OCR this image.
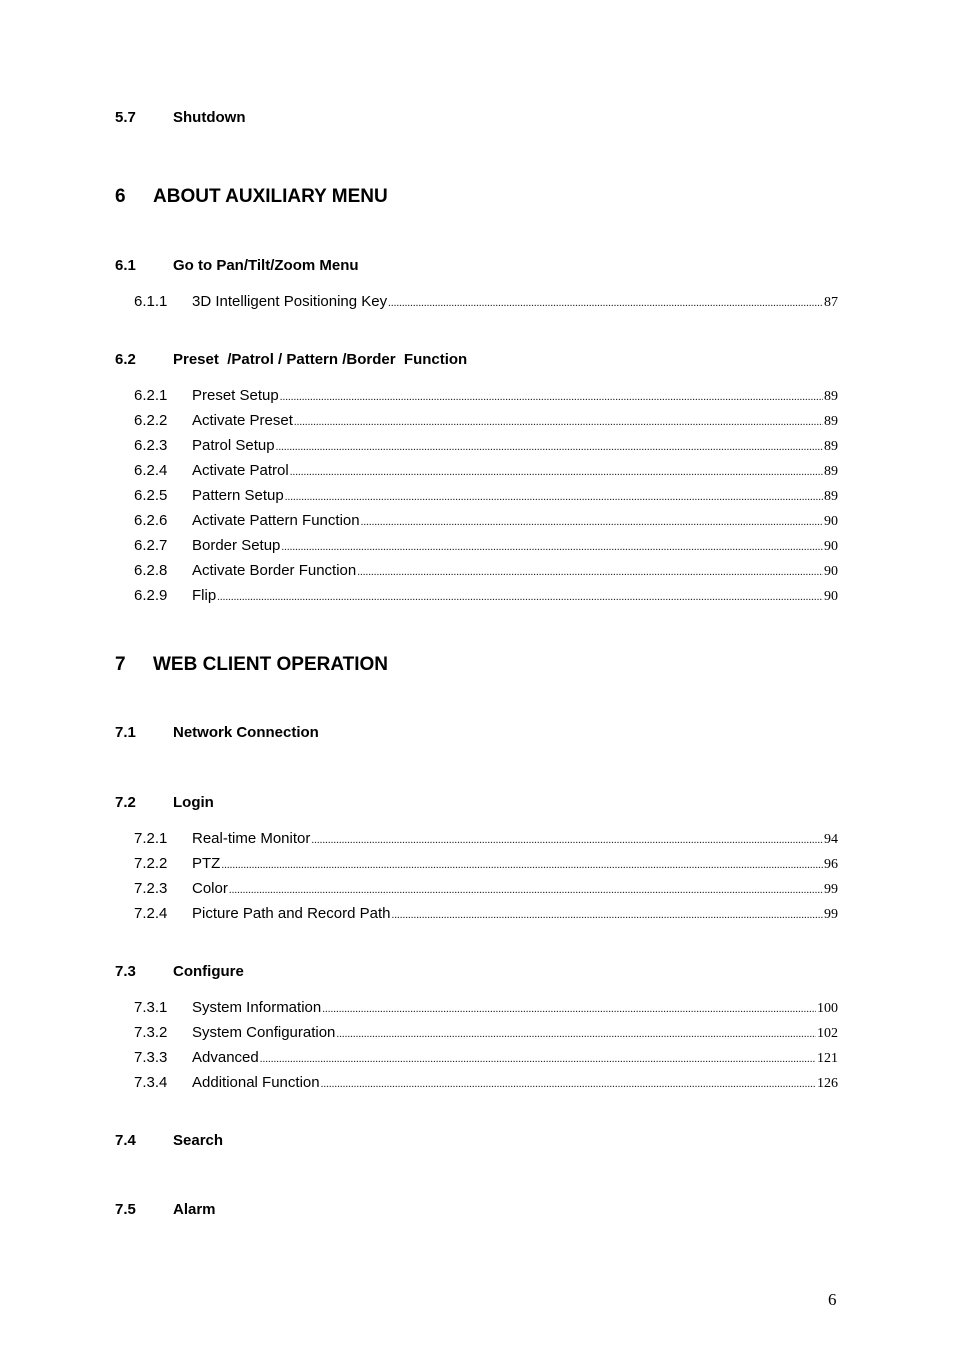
5.7 Shutdown
6 ABOUT AUXILIARY MENU
6.1 Go to Pan/Tilt/Zoom Menu
6.1.1 3D Intelligent Positioning Key .....	87
6.2 Preset  /Patrol / Pattern /Border  Function
6.2.1 Preset Setup .....	89
6.2.2 Activate Preset .....	89
6.2.3 Patrol Setup .....	89
6.2.4 Activate Patrol .....	89
6.2.5 Pattern Setup .....	89
6.2.6 Activate Pattern Function .....	90
6.2.7 Border Setup .....	90
6.2.8 Activate Border Function .....	90
6.2.9 Flip .....	90
7 WEB CLIENT OPERATION
7.1 Network Connection
7.2 Login
7.2.1 Real-time Monitor .....	94
7.2.2 PTZ .....	96
7.2.3 Color .....	99
7.2.4 Picture Path and Record Path .....	99
7.3 Configure
7.3.1 System Information .....	100
7.3.2 System Configuration .....	102
7.3.3 Advanced .....	121
7.3.4 Additional Function .....	126
7.4 Search
7.5 Alarm
6
